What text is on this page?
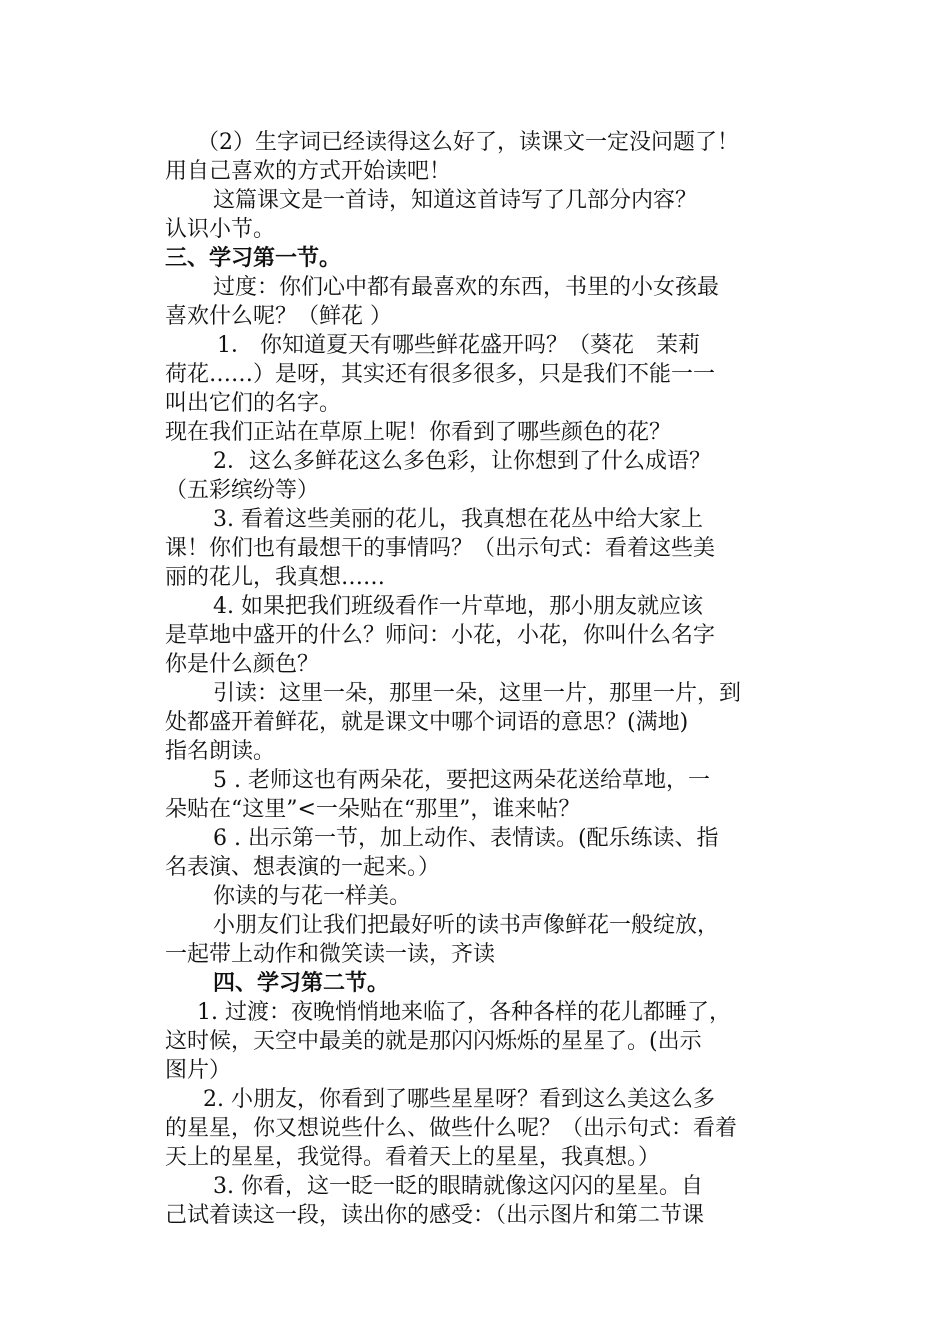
（2）生字词已经读得这么好了，读课文一定没问题了！
用自己喜欢的方式开始读吧！
这篇课文是一首诗，知道这首诗写了几部分内容？
认识小节。
三、学习第一节。
过度：你们心中都有最喜欢的东西，书里的小女孩最
喜欢什么呢？（鲜花 ）
1． 你知道夏天有哪些鲜花盛开吗？（葵花　茉莉
荷花……）是呀，其实还有很多很多，只是我们不能一一
叫出它们的名字。
现在我们正站在草原上呢！你看到了哪些颜色的花？
2．这么多鲜花这么多色彩，让你想到了什么成语？
（五彩缤纷等）
3. 看着这些美丽的花儿，我真想在花丛中给大家上
课！你们也有最想干的事情吗？（出示句式：看着这些美
丽的花儿，我真想……
4. 如果把我们班级看作一片草地，那小朋友就应该
是草地中盛开的什么？师问：小花，小花，你叫什么名字
你是什么颜色？
引读：这里一朵，那里一朵，这里一片，那里一片，到
处都盛开着鲜花，就是课文中哪个词语的意思？(满地)
指名朗读。
5 . 老师这也有两朵花，要把这两朵花送给草地，一
朵贴在“这里”<一朵贴在“那里”，谁来帖？
6 . 出示第一节，加上动作、表情读。(配乐练读、指
名表演、想表演的一起来。）
你读的与花一样美。
小朋友们让我们把最好听的读书声像鲜花一般绽放，
一起带上动作和微笑读一读，齐读
四、学习第二节。
1. 过渡：夜晚悄悄地来临了，各种各样的花儿都睡了，
这时候，天空中最美的就是那闪闪烁烁的星星了。(出示
图片）
2. 小朋友，你看到了哪些星星呀？看到这么美这么多
的星星，你又想说些什么、做些什么呢？（出示句式：看着
天上的星星，我觉得。看着天上的星星，我真想。）
3. 你看，这一眨一眨的眼睛就像这闪闪的星星。自
己试着读这一段，读出你的感受：（出示图片和第二节课
